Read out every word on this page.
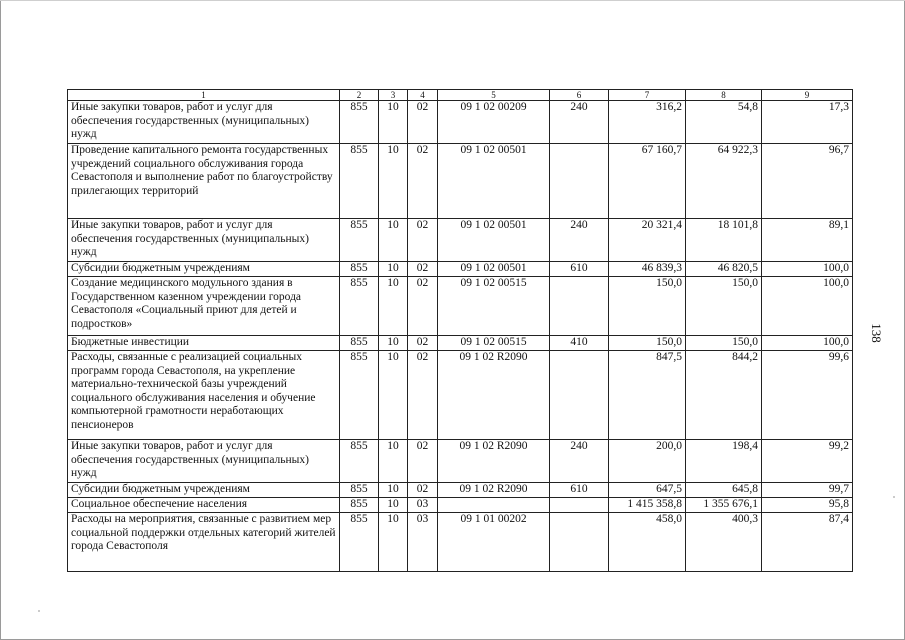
138
1	2	3	4	5	6	7	8	9
Иные закупки товаров, работ и услуг для обеспечения государственных (муниципальных) нужд	855	10	02	09 1 02 00209	240	316,2	54,8	17,3
Проведение капитального ремонта государственных учреждений социального обслуживания города Севастополя и выполнение работ по благоустройству прилегающих территорий	855	10	02	09 1 02 00501		67 160,7	64 922,3	96,7
Иные закупки товаров, работ и услуг для обеспечения государственных (муниципальных) нужд	855	10	02	09 1 02 00501	240	20 321,4	18 101,8	89,1
Субсидии бюджетным учреждениям	855	10	02	09 1 02 00501	610	46 839,3	46 820,5	100,0
Создание медицинского модульного здания в Государственном казенном учреждении города Севастополя «Социальный приют для детей и подростков»	855	10	02	09 1 02 00515		150,0	150,0	100,0
Бюджетные инвестиции	855	10	02	09 1 02 00515	410	150,0	150,0	100,0
Расходы, связанные с реализацией социальных программ города Севастополя, на укрепление материально-технической базы учреждений социального обслуживания населения и обучение компьютерной грамотности неработающих пенсионеров	855	10	02	09 1 02 R2090		847,5	844,2	99,6
Иные закупки товаров, работ и услуг для обеспечения государственных (муниципальных) нужд	855	10	02	09 1 02 R2090	240	200,0	198,4	99,2
Субсидии бюджетным учреждениям	855	10	02	09 1 02 R2090	610	647,5	645,8	99,7
Социальное обеспечение населения	855	10	03			1 415 358,8	1 355 676,1	95,8
Расходы на мероприятия, связанные с развитием мер социальной поддержки отдельных категорий жителей города Севастополя	855	10	03	09 1 01 00202		458,0	400,3	87,4
